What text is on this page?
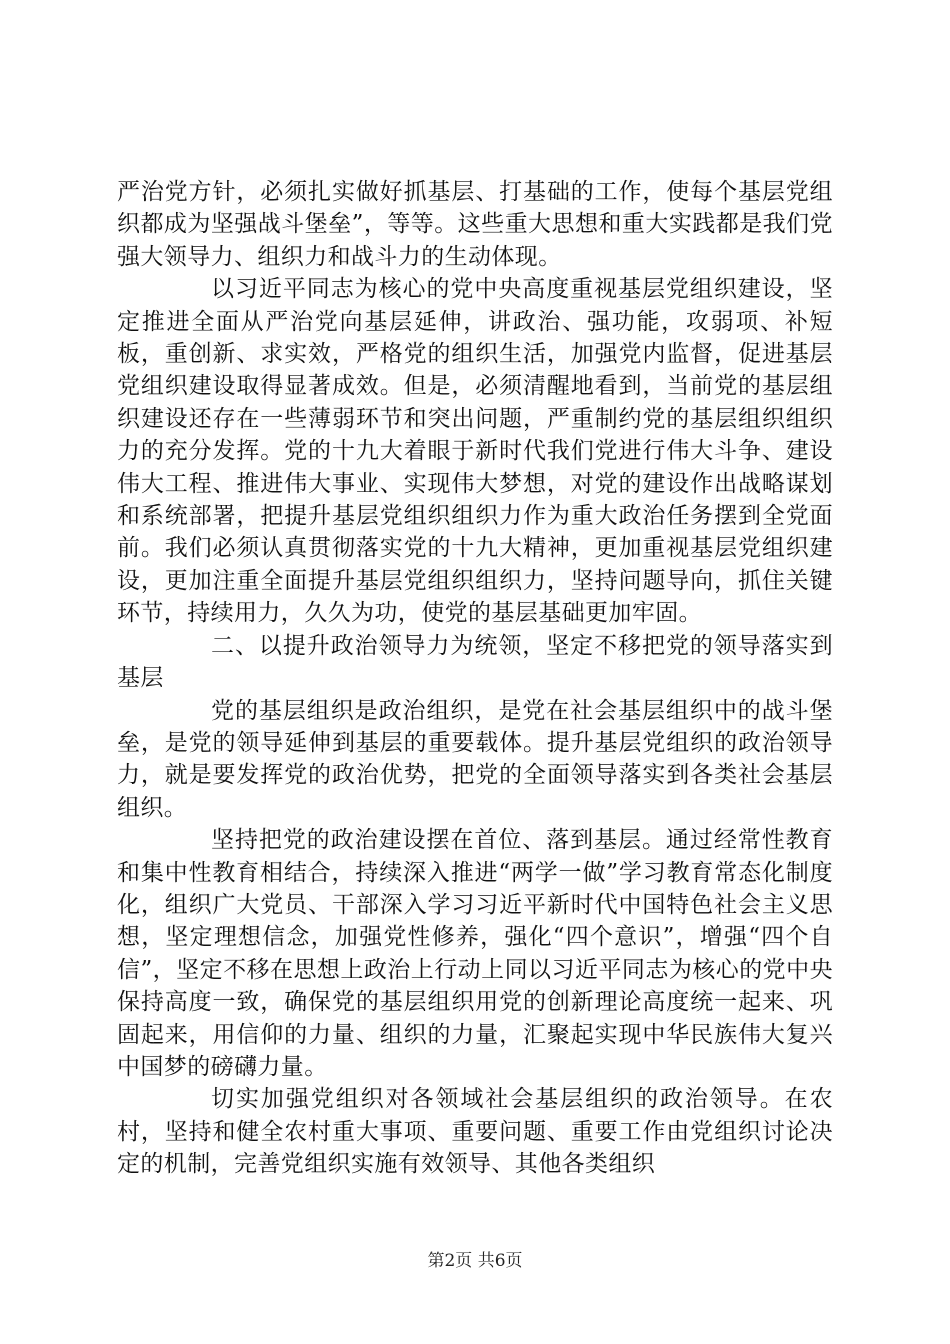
严治党方针，必须扎实做好抓基层、打基础的工作，使每个基层党组织都成为坚强战斗堡垒”，等等。这些重大思想和重大实践都是我们党强大领导力、组织力和战斗力的生动体现。

以习近平同志为核心的党中央高度重视基层党组织建设，坚定推进全面从严治党向基层延伸，讲政治、强功能，攻弱项、补短板，重创新、求实效，严格党的组织生活，加强党内监督，促进基层党组织建设取得显著成效。但是，必须清醒地看到，当前党的基层组织建设还存在一些薄弱环节和突出问题，严重制约党的基层组织组织力的充分发挥。党的十九大着眼于新时代我们党进行伟大斗争、建设伟大工程、推进伟大事业、实现伟大梦想，对党的建设作出战略谋划和系统部署，把提升基层党组织组织力作为重大政治任务摆到全党面前。我们必须认真贯彻落实党的十九大精神，更加重视基层党组织建设，更加注重全面提升基层党组织组织力，坚持问题导向，抓住关键环节，持续用力，久久为功，使党的基层基础更加牢固。

二、以提升政治领导力为统领，坚定不移把党的领导落实到基层

党的基层组织是政治组织，是党在社会基层组织中的战斗堡垒，是党的领导延伸到基层的重要载体。提升基层党组织的政治领导力，就是要发挥党的政治优势，把党的全面领导落实到各类社会基层组织。

坚持把党的政治建设摆在首位、落到基层。通过经常性教育和集中性教育相结合，持续深入推进“两学一做”学习教育常态化制度化，组织广大党员、干部深入学习习近平新时代中国特色社会主义思想，坚定理想信念，加强党性修养，强化“四个意识”，增强“四个自信”，坚定不移在思想上政治上行动上同以习近平同志为核心的党中央保持高度一致，确保党的基层组织用党的创新理论高度统一起来、巩固起来，用信仰的力量、组织的力量，汇聚起实现中华民族伟大复兴中国梦的磅礴力量。

切实加强党组织对各领域社会基层组织的政治领导。在农村，坚持和健全农村重大事项、重要问题、重要工作由党组织讨论决定的机制，完善党组织实施有效领导、其他各类组织

第2页 共6页
